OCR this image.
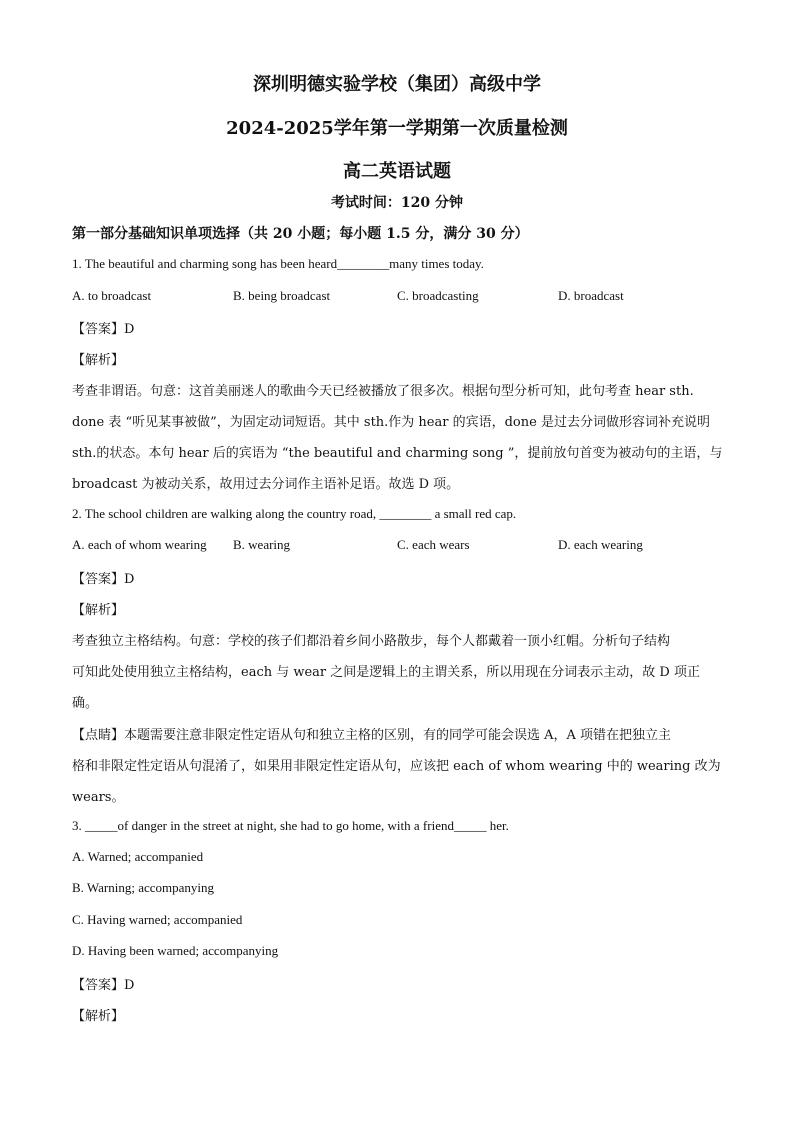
深圳明德实验学校（集团）高级中学
2024-2025学年第一学期第一次质量检测
高二英语试题
考试时间：120 分钟
第一部分基础知识单项选择（共 20 小题；每小题 1.5 分，满分 30 分）
1. The beautiful and charming song has been heard________many times today.
A. to broadcast	B. being broadcast	C. broadcasting	D. broadcast
【答案】D
【解析】
考查非谓语。句意：这首美丽迷人的歌曲今天已经被播放了很多次。根据句型分析可知，此句考查 hear sth.
done 表 “听见某事被做”，为固定动词短语。其中 sth.作为 hear 的宾语，done 是过去分词做形容词补充说明
sth.的状态。本句 hear 后的宾语为 “the beautiful and charming song ”，提前放句首变为被动句的主语，与
broadcast 为被动关系，故用过去分词作主语补足语。故选 D 项。
2. The school children are walking along the country road, ________ a small red cap.
A. each of whom wearing B. wearing	C. each wears	D. each wearing
【答案】D
【解析】
考查独立主格结构。句意：学校的孩子们都沿着乡间小路散步，每个人都戴着一顶小红帽。分析句子结构
可知此处使用独立主格结构，each 与 wear 之间是逻辑上的主谓关系，所以用现在分词表示主动，故 D 项正
确。
【点睛】本题需要注意非限定性定语从句和独立主格的区别，有的同学可能会误选 A，A 项错在把独立主
格和非限定性定语从句混淆了，如果用非限定性定语从句，应该把 each of whom wearing 中的 wearing 改为
wears。
3. _____of danger in the street at night, she had to go home, with a friend_____ her.
A. Warned; accompanied
B. Warning; accompanying
C. Having warned; accompanied
D. Having been warned; accompanying
【答案】D
【解析】
